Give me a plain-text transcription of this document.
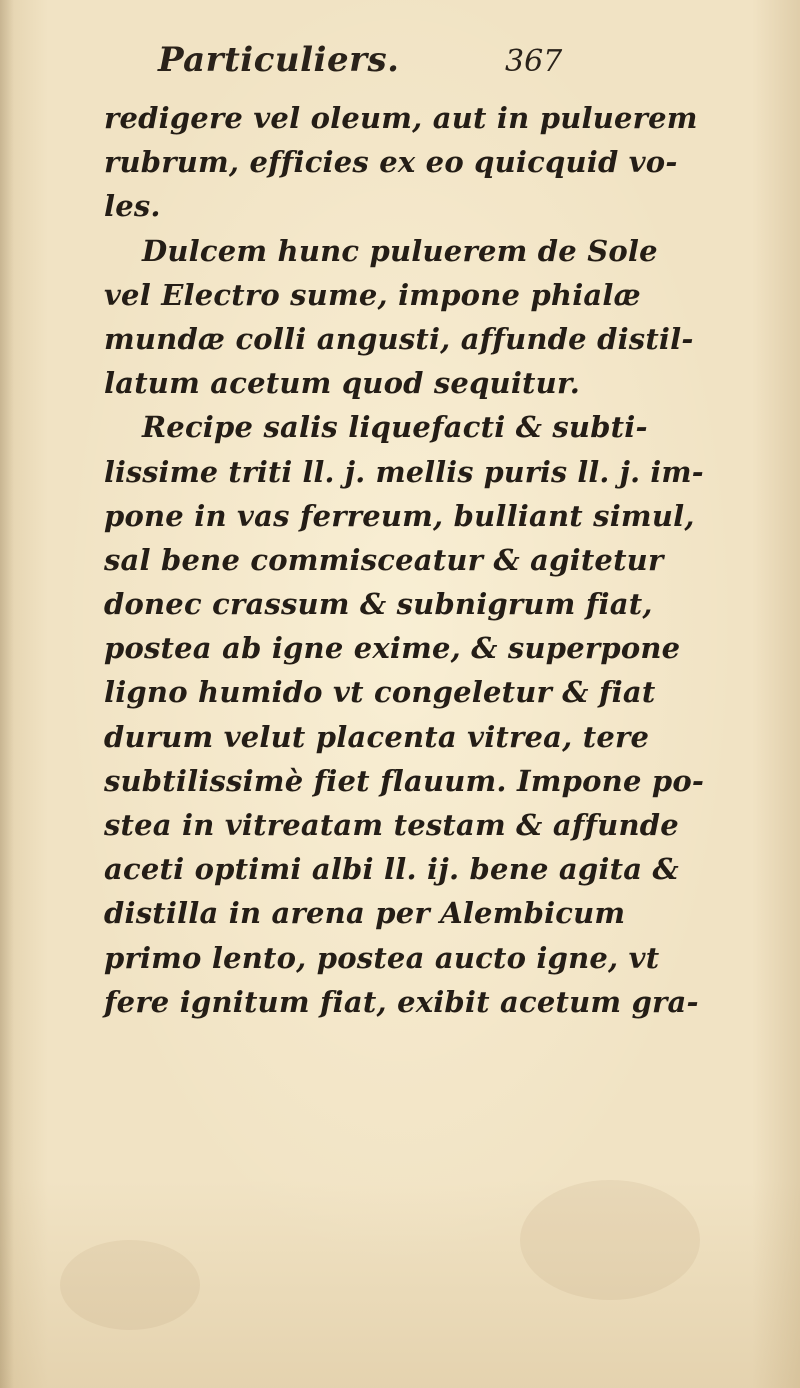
Particuliers.	367
redigere vel oleum, aut in puluerem
rubrum, efficies ex eo quicquid vo-
les.
Dulcem hunc puluerem de Sole
vel Electro sume, impone phialæ
mundæ colli angusti, affunde distil-
latum acetum quod sequitur.
Recipe salis liquefacti & subti-
lissime triti ll. j. mellis puris ll. j. im-
pone in vas ferreum, bulliant simul,
sal bene commisceatur & agitetur
donec crassum & subnigrum fiat,
postea ab igne exime, & superpone
ligno humido vt congeletur & fiat
durum velut placenta vitrea, tere
subtilissimè fiet flauum. Impone po-
stea in vitreatam testam & affunde
aceti optimi albi ll. ij. bene agita &
distilla in arena per Alembicum
primo lento, postea aucto igne, vt
fere ignitum fiat, exibit acetum gra-
